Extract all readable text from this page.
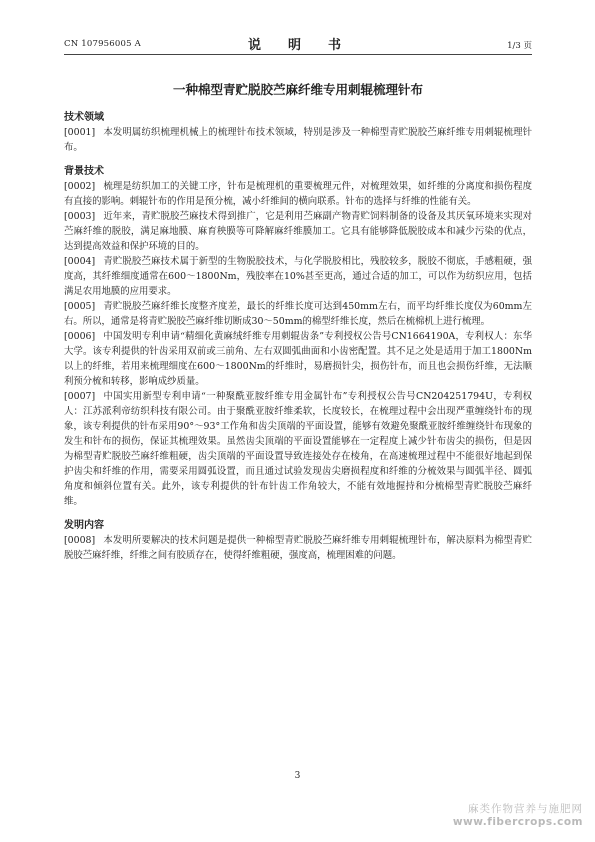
CN 107956005 A	说　明　书	1/3 页
一种棉型青贮脱胶苎麻纤维专用刺辊梳理针布

技术领域

[0001] 本发明属纺织梳理机械上的梳理针布技术领域，特别是涉及一种棉型青贮脱胶苎麻纤维专用刺辊梳理针布。

背景技术

[0002] 梳理是纺织加工的关键工序，针布是梳理机的重要梳理元件，对梳理效果，如纤维的分离度和损伤程度有直接的影响。刺辊针布的作用是预分梳，减小纤维间的横向联系。针布的选择与纤维的性能有关。

[0003] 近年来，青贮脱胶苎麻技术得到推广，它是利用苎麻副产物青贮饲料制备的设备及其厌氧环境来实现对苎麻纤维的脱胶，满足麻地膜、麻育秧膜等可降解麻纤维膜加工。它具有能够降低脱胶成本和减少污染的优点，达到提高效益和保护环境的目的。

[0004] 青贮脱胶苎麻技术属于新型的生物脱胶技术，与化学脱胶相比，残胶较多，脱胶不彻底，手感粗硬，强度高，其纤维细度通常在600～1800Nm，残胶率在10%甚至更高，通过合适的加工，可以作为纺织应用，包括满足农用地膜的应用要求。

[0005] 青贮脱胶苎麻纤维长度整齐度差，最长的纤维长度可达到450mm左右，而平均纤维长度仅为60mm左右。所以，通常是将青贮脱胶苎麻纤维切断成30～50mm的棉型纤维长度，然后在梳棉机上进行梳理。

[0006] 中国发明专利申请“精细化黄麻绒纤维专用刺辊齿条”专利授权公告号CN1664190A，专利权人：东华大学。该专利提供的针齿采用双前或三前角、左右双圆弧曲面和小齿密配置。其不足之处是适用于加工1800Nm以上的纤维，若用来梳理细度在600～1800Nm的纤维时，易磨损针尖，损伤针布，而且也会损伤纤维，无法顺利预分梳和转移，影响成纱质量。

[0007] 中国实用新型专利申请“一种聚酰亚胺纤维专用金属针布”专利授权公告号CN204251794U，专利权人：江苏派利帝纺织科技有限公司。由于聚酰亚胺纤维柔软，长度较长，在梳理过程中会出现严重缠绕针布的现象，该专利提供的针布采用90°～93°工作角和齿尖顶端的平面设置，能够有效避免聚酰亚胺纤维缠绕针布现象的发生和针布的损伤，保证其梳理效果。虽然齿尖顶端的平面设置能够在一定程度上减少针布齿尖的损伤，但是因为棉型青贮脱胶苎麻纤维粗硬，齿尖顶端的平面设置导致连接处存在棱角，在高速梳理过程中不能很好地起到保护齿尖和纤维的作用，需要采用圆弧设置，而且通过试验发现齿尖磨损程度和纤维的分梳效果与圆弧半径、圆弧角度和倾斜位置有关。此外，该专利提供的针布针齿工作角较大，不能有效地握持和分梳棉型青贮脱胶苎麻纤维。

发明内容

[0008] 本发明所要解决的技术问题是提供一种棉型青贮脱胶苎麻纤维专用刺辊梳理针布，解决原料为棉型青贮脱胶苎麻纤维，纤维之间有胶质存在，使得纤维粗硬，强度高，梳理困难的问题。

3
麻类作物营养与施肥网
www.fibercrops.com
